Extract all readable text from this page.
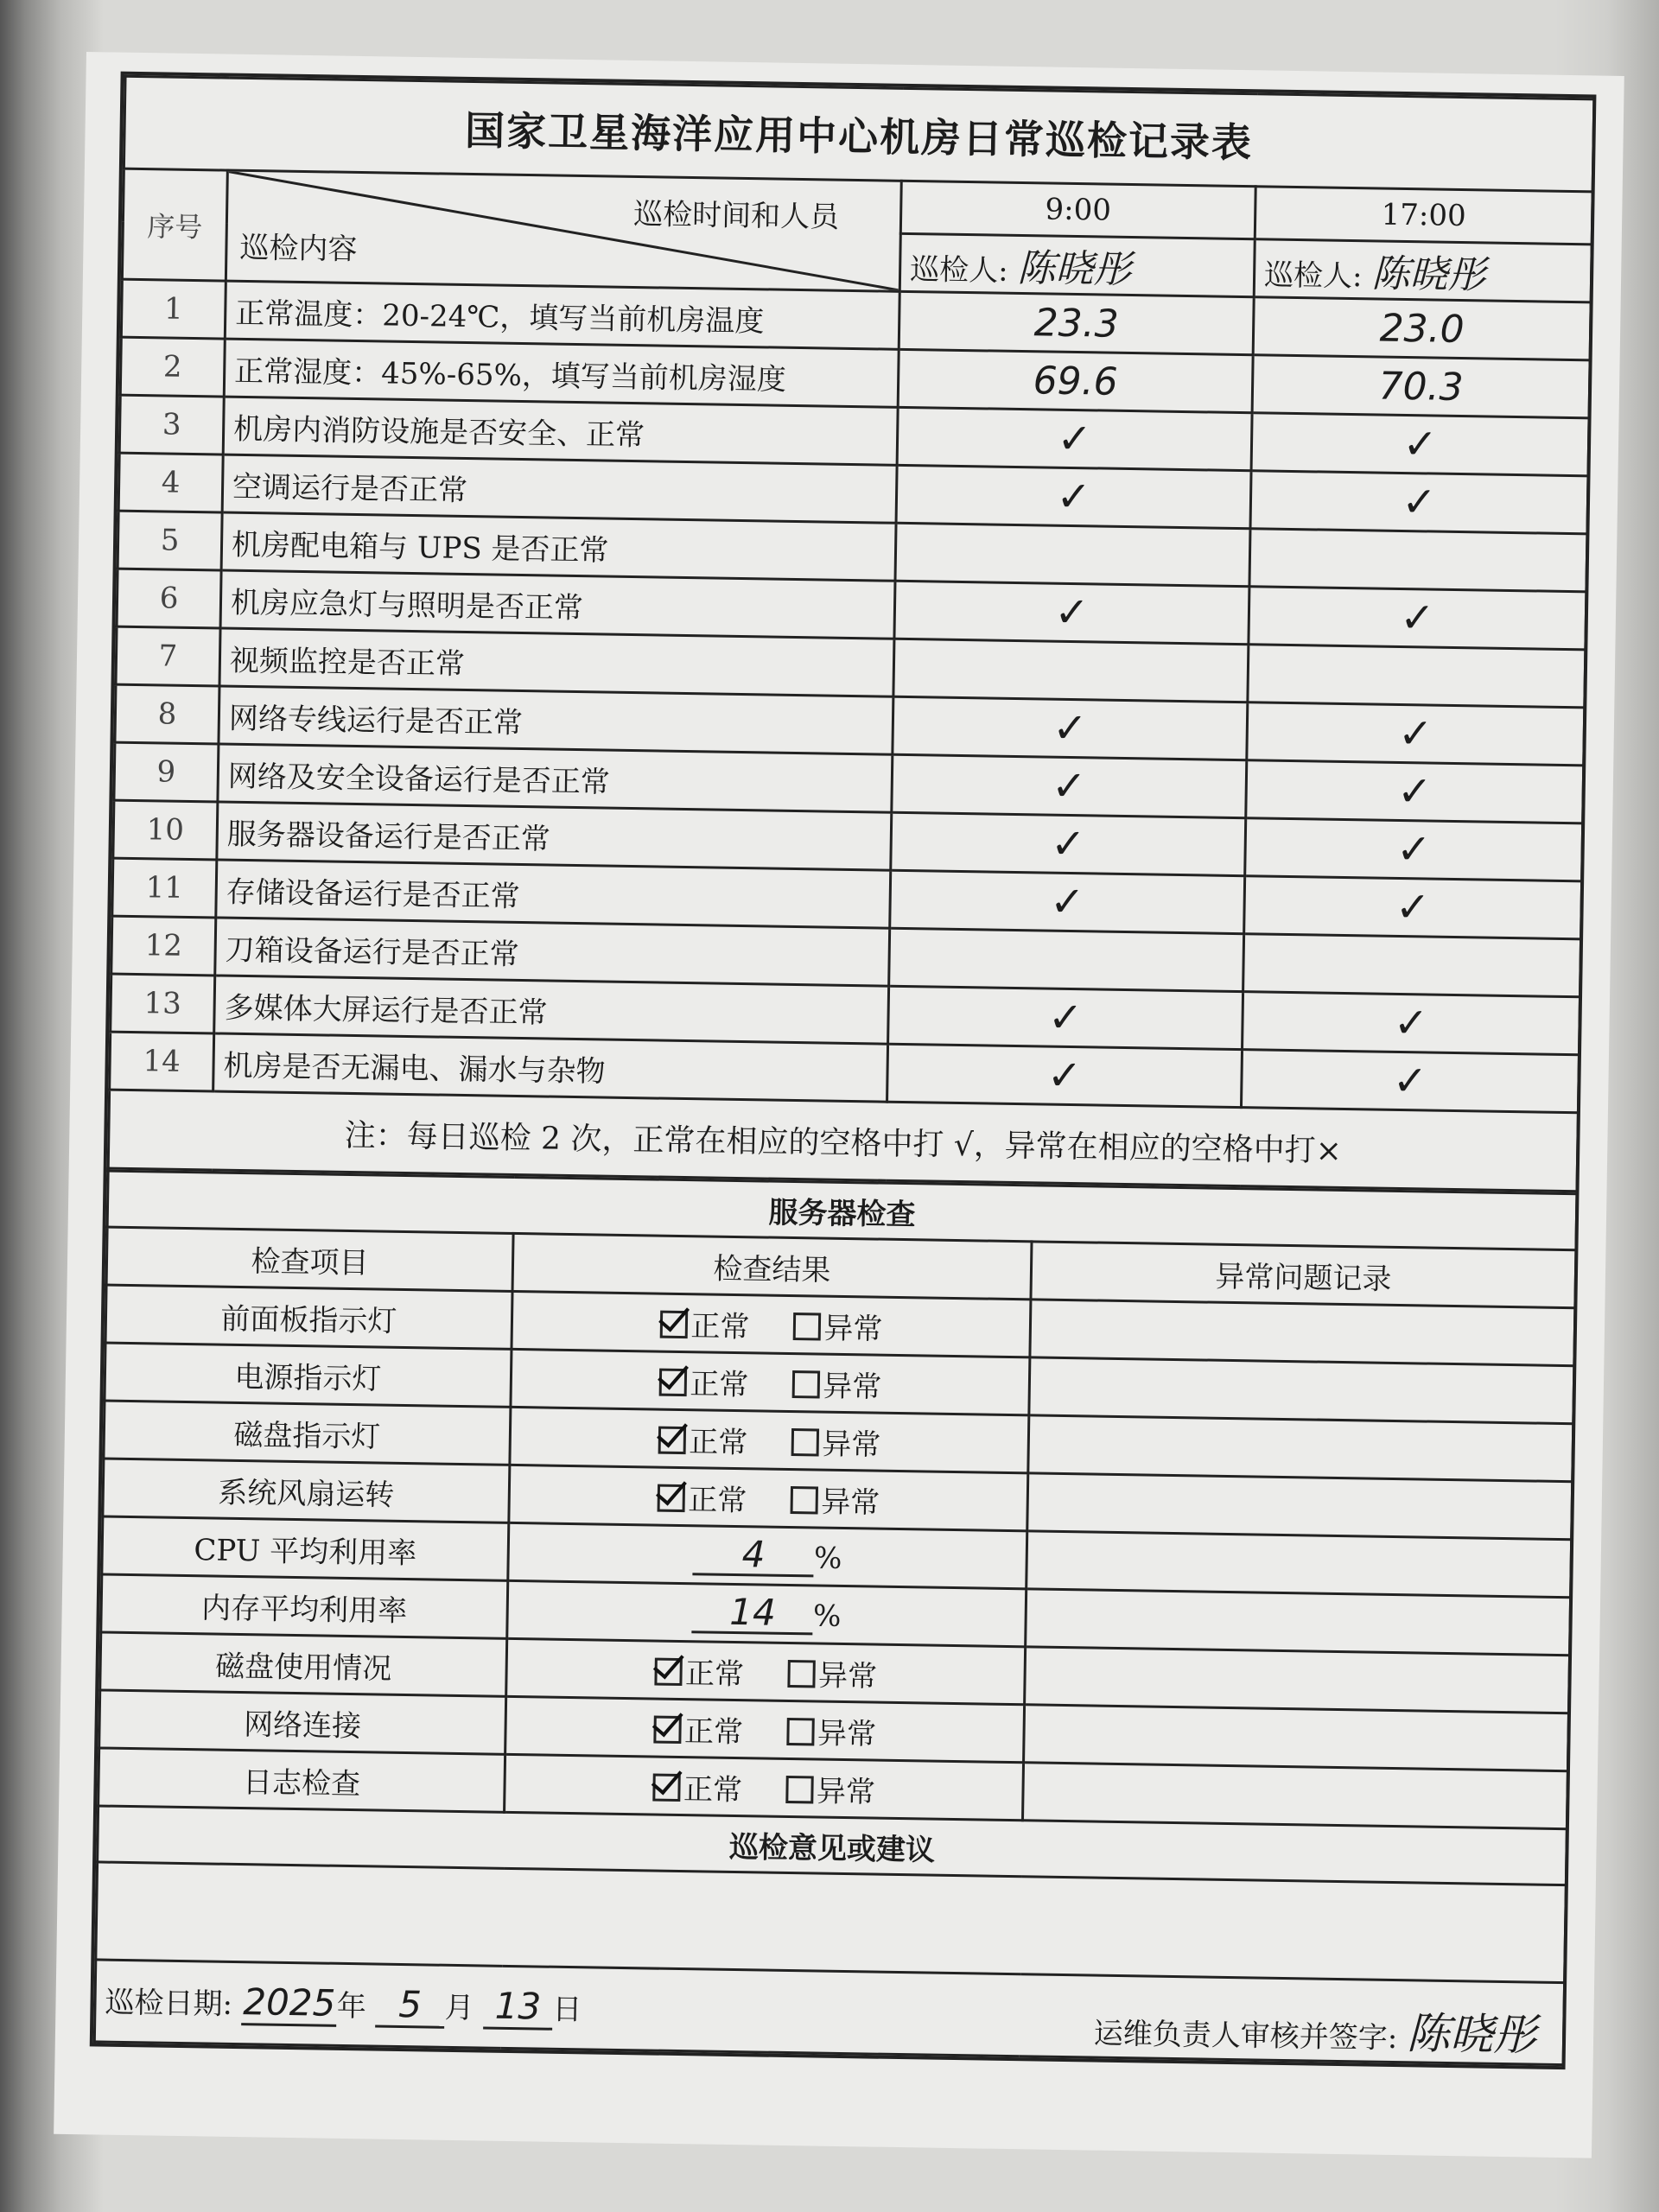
国家卫星海洋应用中心机房日常巡检记录表			
序号	巡检时间和人员
巡检内容	9:00	17:00
		巡检人: 陈晓彤	巡检人: 陈晓彤
1	正常温度：20-24℃，填写当前机房温度	23.3	23.0
2	正常湿度：45%-65%，填写当前机房湿度	69.6	70.3
3	机房内消防设施是否安全、正常	✓	✓
4	空调运行是否正常	✓	✓
5	机房配电箱与 UPS 是否正常		
6	机房应急灯与照明是否正常	✓	✓
7	视频监控是否正常		
8	网络专线运行是否正常	✓	✓
9	网络及安全设备运行是否正常	✓	✓
10	服务器设备运行是否正常	✓	✓
11	存储设备运行是否正常	✓	✓
12	刀箱设备运行是否正常		
13	多媒体大屏运行是否正常	✓	✓
14	机房是否无漏电、漏水与杂物	✓	✓
注：每日巡检 2 次，正常在相应的空格中打 √，异常在相应的空格中打×			
服务器检查		
检查项目	检查结果	异常问题记录
前面板指示灯	正常 异常	
电源指示灯	正常 异常	
磁盘指示灯	正常 异常	
系统风扇运转	正常 异常	
CPU 平均利用率	4 %	
内存平均利用率	14 %	
磁盘使用情况	正常 异常	
网络连接	正常 异常	
日志检查	正常 异常	
巡检意见或建议		

巡检日期: 2025年 5 月 13 日
运维负责人审核并签字: 陈晓彤		
